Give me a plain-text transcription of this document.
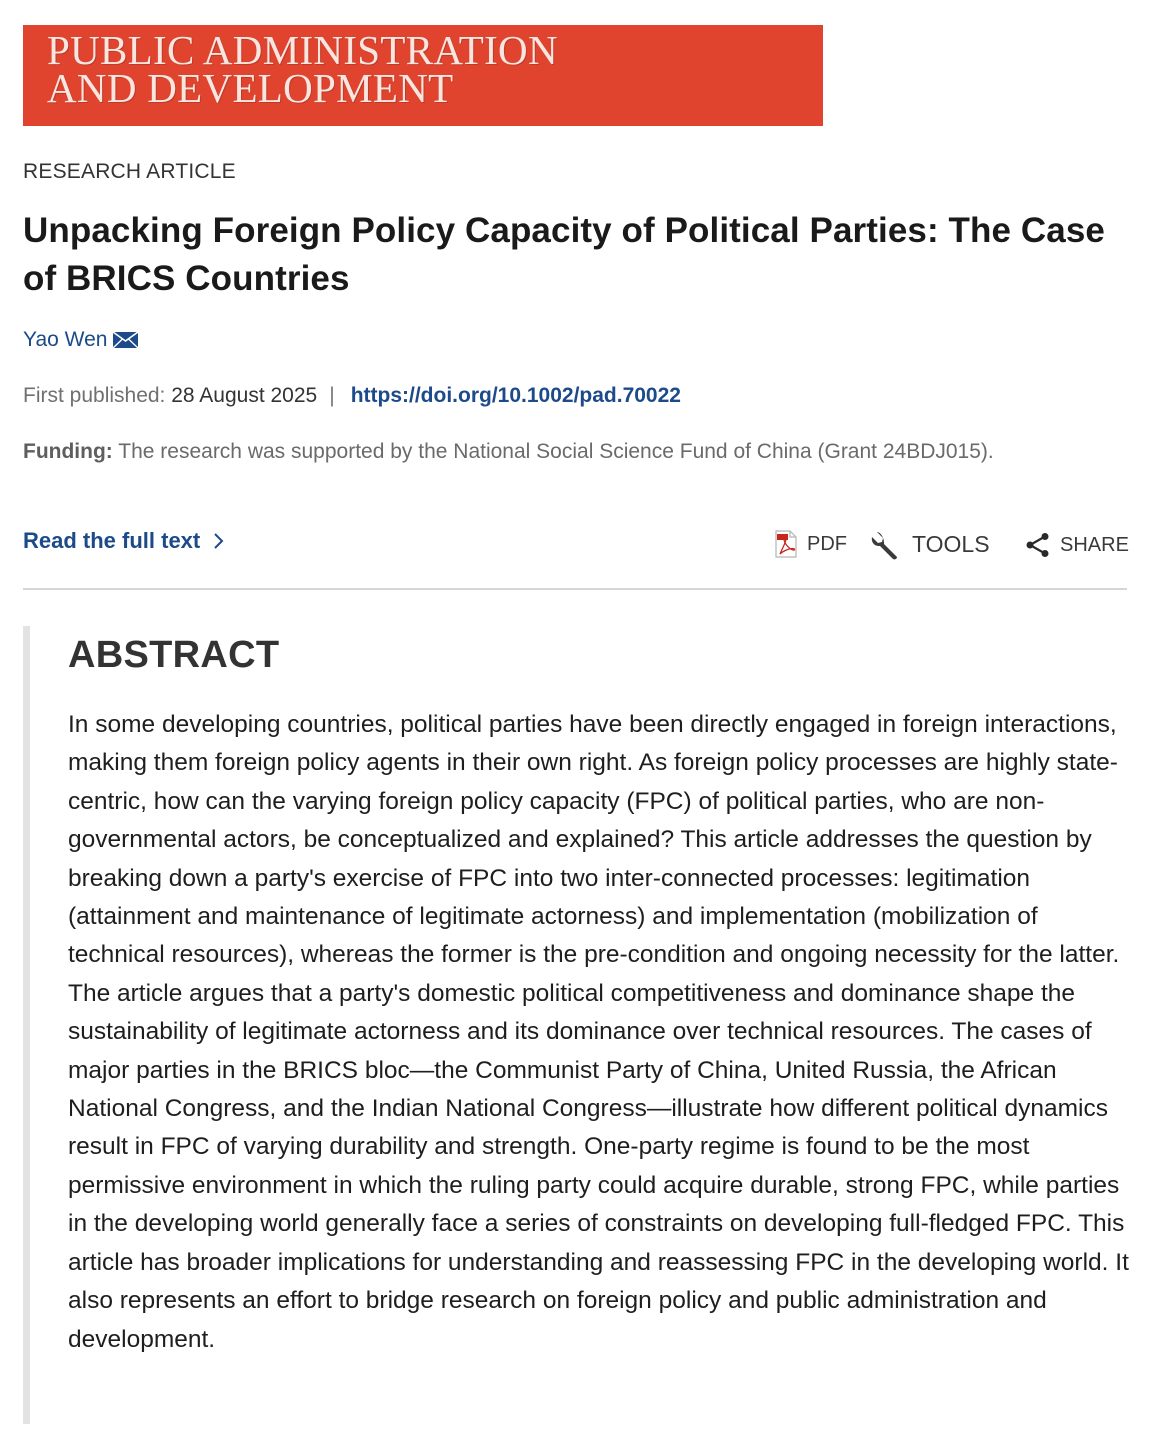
PUBLIC ADMINISTRATION
AND DEVELOPMENT
RESEARCH ARTICLE
Unpacking Foreign Policy Capacity of Political Parties: The Case of BRICS Countries
Yao Wen
First published:
28 August 2025 | https://doi.org/10.1002/pad.70022
Funding: The research was supported by the National Social Science Fund of China (Grant 24BDJ015).
Read the full text	PDF	TOOLS	SHARE
ABSTRACT

In some developing countries, political parties have been directly engaged in foreign interactions, making them foreign policy agents in their own right. As foreign policy processes are highly state-centric, how can the varying foreign policy capacity (FPC) of political parties, who are non-governmental actors, be conceptualized and explained? This article addresses the question by breaking down a party's exercise of FPC into two inter-connected processes: legitimation (attainment and maintenance of legitimate actorness) and implementation (mobilization of technical resources), whereas the former is the pre-condition and ongoing necessity for the latter. The article argues that a party's domestic political competitiveness and dominance shape the sustainability of legitimate actorness and its dominance over technical resources. The cases of major parties in the BRICS bloc—the Communist Party of China, United Russia, the African National Congress, and the Indian National Congress—illustrate how different political dynamics result in FPC of varying durability and strength. One-party regime is found to be the most permissive environment in which the ruling party could acquire durable, strong FPC, while parties in the developing world generally face a series of constraints on developing full-fledged FPC. This article has broader implications for understanding and reassessing FPC in the developing world. It also represents an effort to bridge research on foreign policy and public administration and development.
